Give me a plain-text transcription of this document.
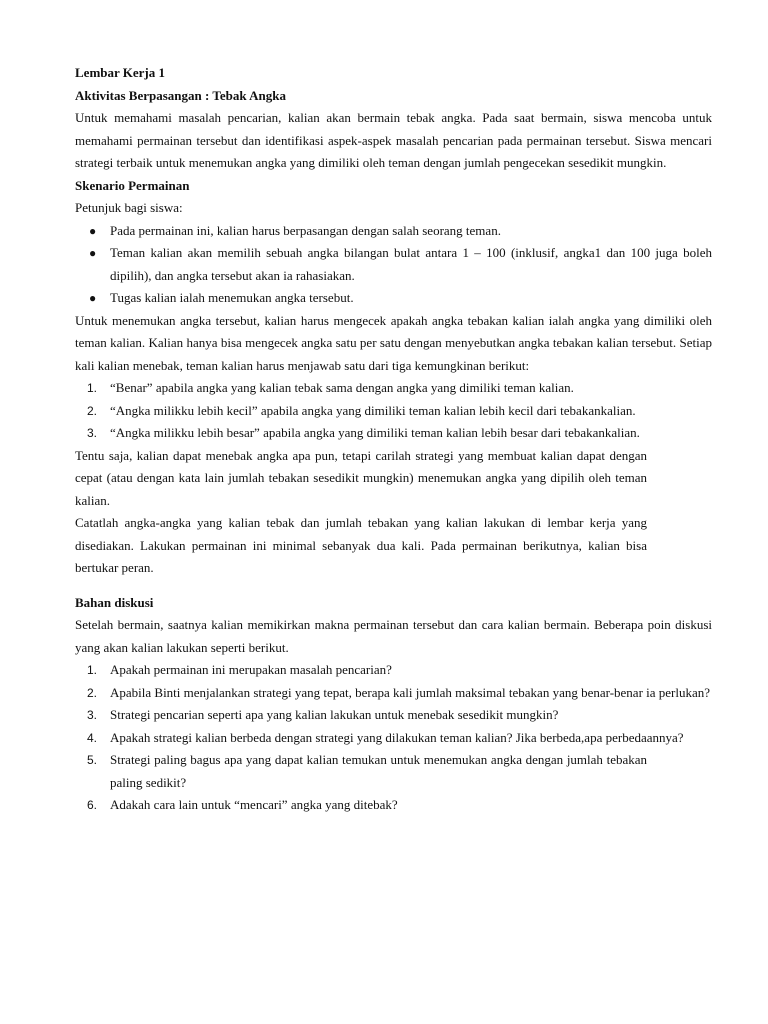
Lembar Kerja 1

Aktivitas Berpasangan : Tebak Angka

Untuk memahami masalah pencarian, kalian akan bermain tebak angka. Pada saat bermain, siswa mencoba untuk memahami permainan tersebut dan identifikasi aspek-aspek masalah pencarian pada permainan tersebut. Siswa mencari strategi terbaik untuk menemukan angka yang dimiliki oleh teman dengan jumlah pengecekan sesedikit mungkin.

Skenario Permainan

Petunjuk bagi siswa:

● Pada permainan ini, kalian harus berpasangan dengan salah seorang teman.
● Teman kalian akan memilih sebuah angka bilangan bulat antara 1 – 100 (inklusif, angka1 dan 100 juga boleh dipilih), dan angka tersebut akan ia rahasiakan.
● Tugas kalian ialah menemukan angka tersebut.

Untuk menemukan angka tersebut, kalian harus mengecek apakah angka tebakan kalian ialah angka yang dimiliki oleh teman kalian. Kalian hanya bisa mengecek angka satu per satu dengan menyebutkan angka tebakan kalian tersebut. Setiap kali kalian menebak, teman kalian harus menjawab satu dari tiga kemungkinan berikut:

1. “Benar” apabila angka yang kalian tebak sama dengan angka yang dimiliki teman kalian.
2. “Angka milikku lebih kecil” apabila angka yang dimiliki teman kalian lebih kecil dari tebakankalian.
3. “Angka milikku lebih besar” apabila angka yang dimiliki teman kalian lebih besar dari tebakankalian.

Tentu saja, kalian dapat menebak angka apa pun, tetapi carilah strategi yang membuat kalian dapat dengan cepat (atau dengan kata lain jumlah tebakan sesedikit mungkin) menemukan angka yang dipilih oleh teman kalian.

Catatlah angka-angka yang kalian tebak dan jumlah tebakan yang kalian lakukan di lembar kerja yang disediakan. Lakukan permainan ini minimal sebanyak dua kali. Pada permainan berikutnya, kalian bisa bertukar peran.

Bahan diskusi

Setelah bermain, saatnya kalian memikirkan makna permainan tersebut dan cara kalian bermain. Beberapa poin diskusi yang akan kalian lakukan seperti berikut.

1. Apakah permainan ini merupakan masalah pencarian?
2. Apabila Binti menjalankan strategi yang tepat, berapa kali jumlah maksimal tebakan yang benar-benar ia perlukan?
3. Strategi pencarian seperti apa yang kalian lakukan untuk menebak sesedikit mungkin?
4. Apakah strategi kalian berbeda dengan strategi yang dilakukan teman kalian? Jika berbeda,apa perbedaannya?
5. Strategi paling bagus apa yang dapat kalian temukan untuk menemukan angka dengan jumlah tebakan paling sedikit?
6. Adakah cara lain untuk “mencari” angka yang ditebak?
